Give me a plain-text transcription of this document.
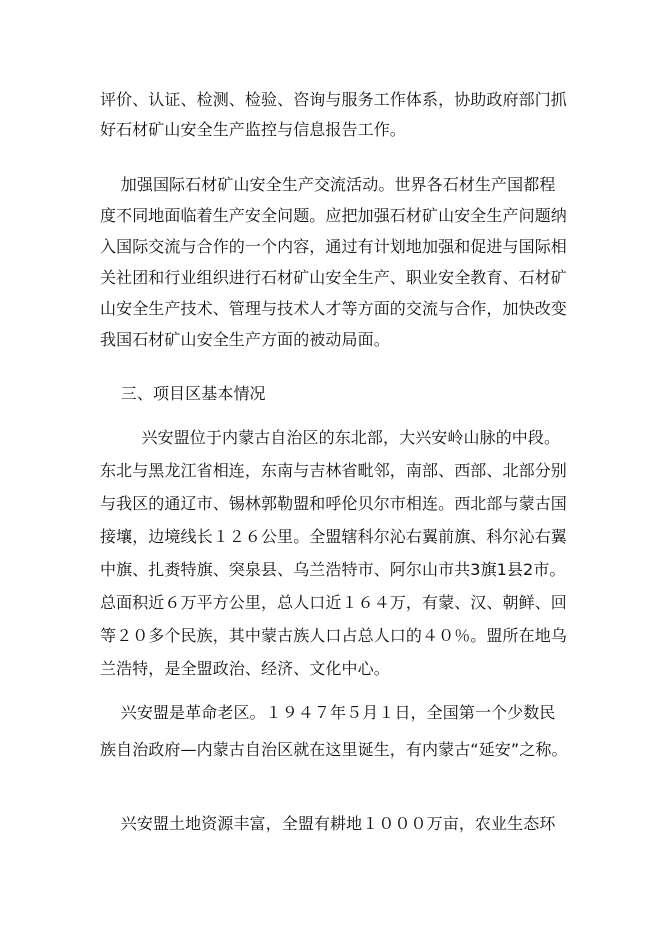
评价、认证、检测、检验、咨询与服务工作体系，协助政府部门抓
好石材矿山安全生产监控与信息报告工作。
加强国际石材矿山安全生产交流活动。世界各石材生产国都程
度不同地面临着生产安全问题。应把加强石材矿山安全生产问题纳
入国际交流与合作的一个内容，通过有计划地加强和促进与国际相
关社团和行业组织进行石材矿山安全生产、职业安全教育、石材矿
山安全生产技术、管理与技术人才等方面的交流与合作，加快改变
我国石材矿山安全生产方面的被动局面。
三、项目区基本情况
兴安盟位于内蒙古自治区的东北部，大兴安岭山脉的中段。
东北与黑龙江省相连，东南与吉林省毗邻，南部、西部、北部分别
与我区的通辽市、锡林郭勒盟和呼伦贝尔市相连。西北部与蒙古国
接壤，边境线长１２６公里。全盟辖科尔沁右翼前旗、科尔沁右翼
中旗、扎赉特旗、突泉县、乌兰浩特市、阿尔山市共3旗1县2市。
总面积近６万平方公里，总人口近１６４万，有蒙、汉、朝鲜、回
等２０多个民族，其中蒙古族人口占总人口的４０％。盟所在地乌
兰浩特，是全盟政治、经济、文化中心。
兴安盟是革命老区。１９４７年５月１日，全国第一个少数民
族自治政府—内蒙古自治区就在这里诞生，有内蒙古“延安”之称。
兴安盟土地资源丰富，全盟有耕地１０００万亩，农业生态环
